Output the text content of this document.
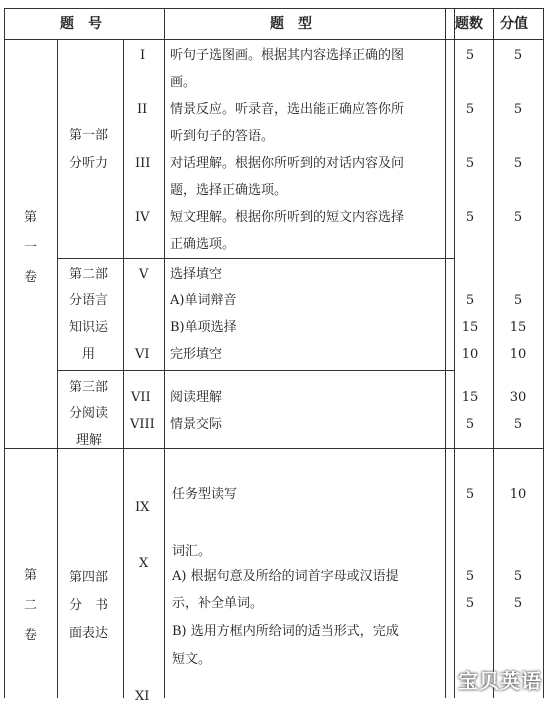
题　号	题　型	题数 分值
第
一
卷
第
二
卷
第一部
分听力
第二部
分语言
知识运
用
第三部
分阅读
理解
第四部
分　书
面表达
I
II
III
IV
V
VI
VII
VIII
IX
X
XI
听句子选图画。根据其内容选择正确的图
画。
情景反应。听录音，选出能正确应答你所
听到句子的答语。
对话理解。根据你所听到的对话内容及问
题，选择正确选项。
短文理解。根据你所听到的短文内容选择
正确选项。
选择填空
A)单词辩音
B)单项选择
完形填空
阅读理解
情景交际
任务型读写
词汇。
A) 根据句意及所给的词首字母或汉语提
示，补全单词。
B) 选用方框内所给词的适当形式，完成
短文。
5
5
5
5
5
15
10
15
5
5
5
5
5
5
5
5
5
15
10
30
5
10
5
5
宝贝英语
